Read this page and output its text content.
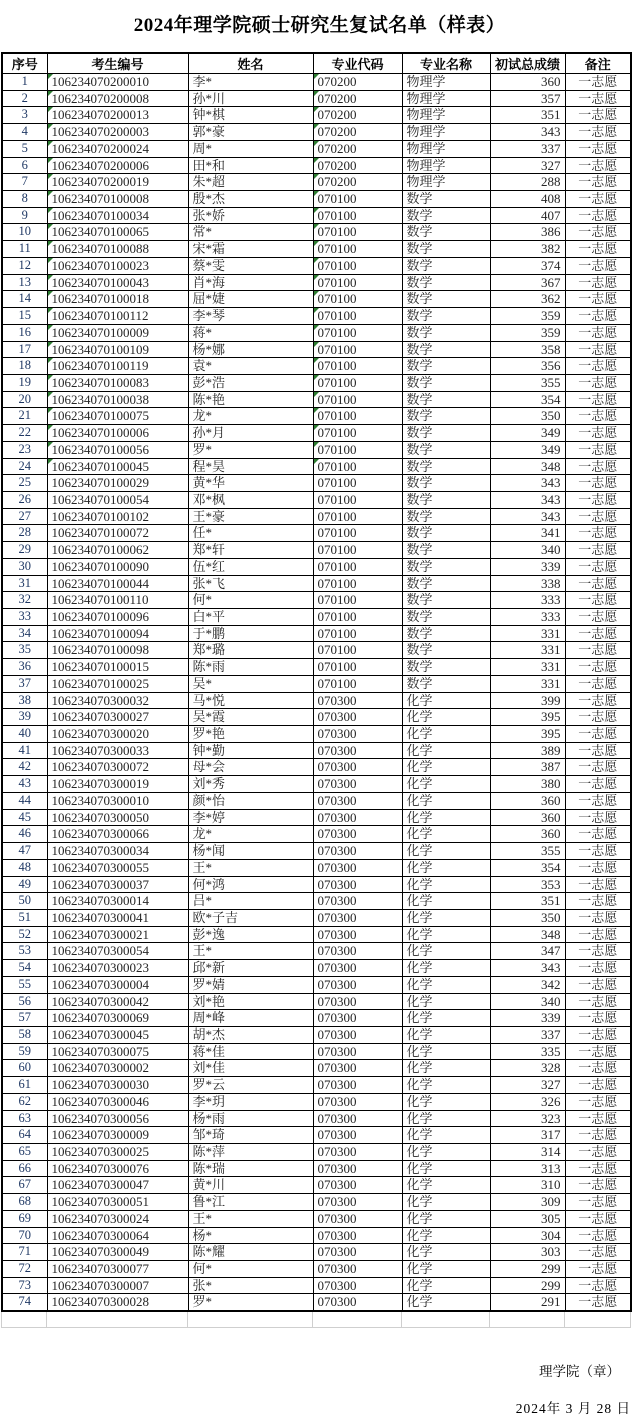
2024年理学院硕士研究生复试名单（样表）
序号	考生编号	姓名	专业代码	专业名称	初试总成绩	备注
1	106234070200010	李*	070200	物理学	360	一志愿
2	106234070200008	孙*川	070200	物理学	357	一志愿
3	106234070200013	钟*棋	070200	物理学	351	一志愿
4	106234070200003	郭*豪	070200	物理学	343	一志愿
5	106234070200024	周*	070200	物理学	337	一志愿
6	106234070200006	田*和	070200	物理学	327	一志愿
7	106234070200019	朱*超	070200	物理学	288	一志愿
8	106234070100008	殷*杰	070100	数学	408	一志愿
9	106234070100034	张*娇	070100	数学	407	一志愿
10	106234070100065	常*	070100	数学	386	一志愿
11	106234070100088	宋*霜	070100	数学	382	一志愿
12	106234070100023	蔡*雯	070100	数学	374	一志愿
13	106234070100043	肖*海	070100	数学	367	一志愿
14	106234070100018	屈*婕	070100	数学	362	一志愿
15	106234070100112	李*琴	070100	数学	359	一志愿
16	106234070100009	蒋*	070100	数学	359	一志愿
17	106234070100109	杨*娜	070100	数学	358	一志愿
18	106234070100119	袁*	070100	数学	356	一志愿
19	106234070100083	彭*浩	070100	数学	355	一志愿
20	106234070100038	陈*艳	070100	数学	354	一志愿
21	106234070100075	龙*	070100	数学	350	一志愿
22	106234070100006	孙*月	070100	数学	349	一志愿
23	106234070100056	罗*	070100	数学	349	一志愿
24	106234070100045	程*昊	070100	数学	348	一志愿
25	106234070100029	黄*华	070100	数学	343	一志愿
26	106234070100054	邓*枫	070100	数学	343	一志愿
27	106234070100102	王*豪	070100	数学	343	一志愿
28	106234070100072	任*	070100	数学	341	一志愿
29	106234070100062	郑*轩	070100	数学	340	一志愿
30	106234070100090	伍*红	070100	数学	339	一志愿
31	106234070100044	张*飞	070100	数学	338	一志愿
32	106234070100110	何*	070100	数学	333	一志愿
33	106234070100096	白*平	070100	数学	333	一志愿
34	106234070100094	于*鹏	070100	数学	331	一志愿
35	106234070100098	郑*璐	070100	数学	331	一志愿
36	106234070100015	陈*雨	070100	数学	331	一志愿
37	106234070100025	吴*	070100	数学	331	一志愿
38	106234070300032	马*悦	070300	化学	399	一志愿
39	106234070300027	吴*霞	070300	化学	395	一志愿
40	106234070300020	罗*艳	070300	化学	395	一志愿
41	106234070300033	钟*勤	070300	化学	389	一志愿
42	106234070300072	母*会	070300	化学	387	一志愿
43	106234070300019	刘*秀	070300	化学	380	一志愿
44	106234070300010	颜*怡	070300	化学	360	一志愿
45	106234070300050	李*婷	070300	化学	360	一志愿
46	106234070300066	龙*	070300	化学	360	一志愿
47	106234070300034	杨*闻	070300	化学	355	一志愿
48	106234070300055	王*	070300	化学	354	一志愿
49	106234070300037	何*鸿	070300	化学	353	一志愿
50	106234070300014	吕*	070300	化学	351	一志愿
51	106234070300041	欧*子吉	070300	化学	350	一志愿
52	106234070300021	彭*逸	070300	化学	348	一志愿
53	106234070300054	王*	070300	化学	347	一志愿
54	106234070300023	邱*新	070300	化学	343	一志愿
55	106234070300004	罗*婧	070300	化学	342	一志愿
56	106234070300042	刘*艳	070300	化学	340	一志愿
57	106234070300069	周*峰	070300	化学	339	一志愿
58	106234070300045	胡*杰	070300	化学	337	一志愿
59	106234070300075	蒋*佳	070300	化学	335	一志愿
60	106234070300002	刘*佳	070300	化学	328	一志愿
61	106234070300030	罗*云	070300	化学	327	一志愿
62	106234070300046	李*玥	070300	化学	326	一志愿
63	106234070300056	杨*雨	070300	化学	323	一志愿
64	106234070300009	邹*琦	070300	化学	317	一志愿
65	106234070300025	陈*萍	070300	化学	314	一志愿
66	106234070300076	陈*瑞	070300	化学	313	一志愿
67	106234070300047	黄*川	070300	化学	310	一志愿
68	106234070300051	鲁*江	070300	化学	309	一志愿
69	106234070300024	王*	070300	化学	305	一志愿
70	106234070300064	杨*	070300	化学	304	一志愿
71	106234070300049	陈*耀	070300	化学	303	一志愿
72	106234070300077	何*	070300	化学	299	一志愿
73	106234070300007	张*	070300	化学	299	一志愿
74	106234070300028	罗*	070300	化学	291	一志愿

理学院（章）
2024年 3 月 28 日
